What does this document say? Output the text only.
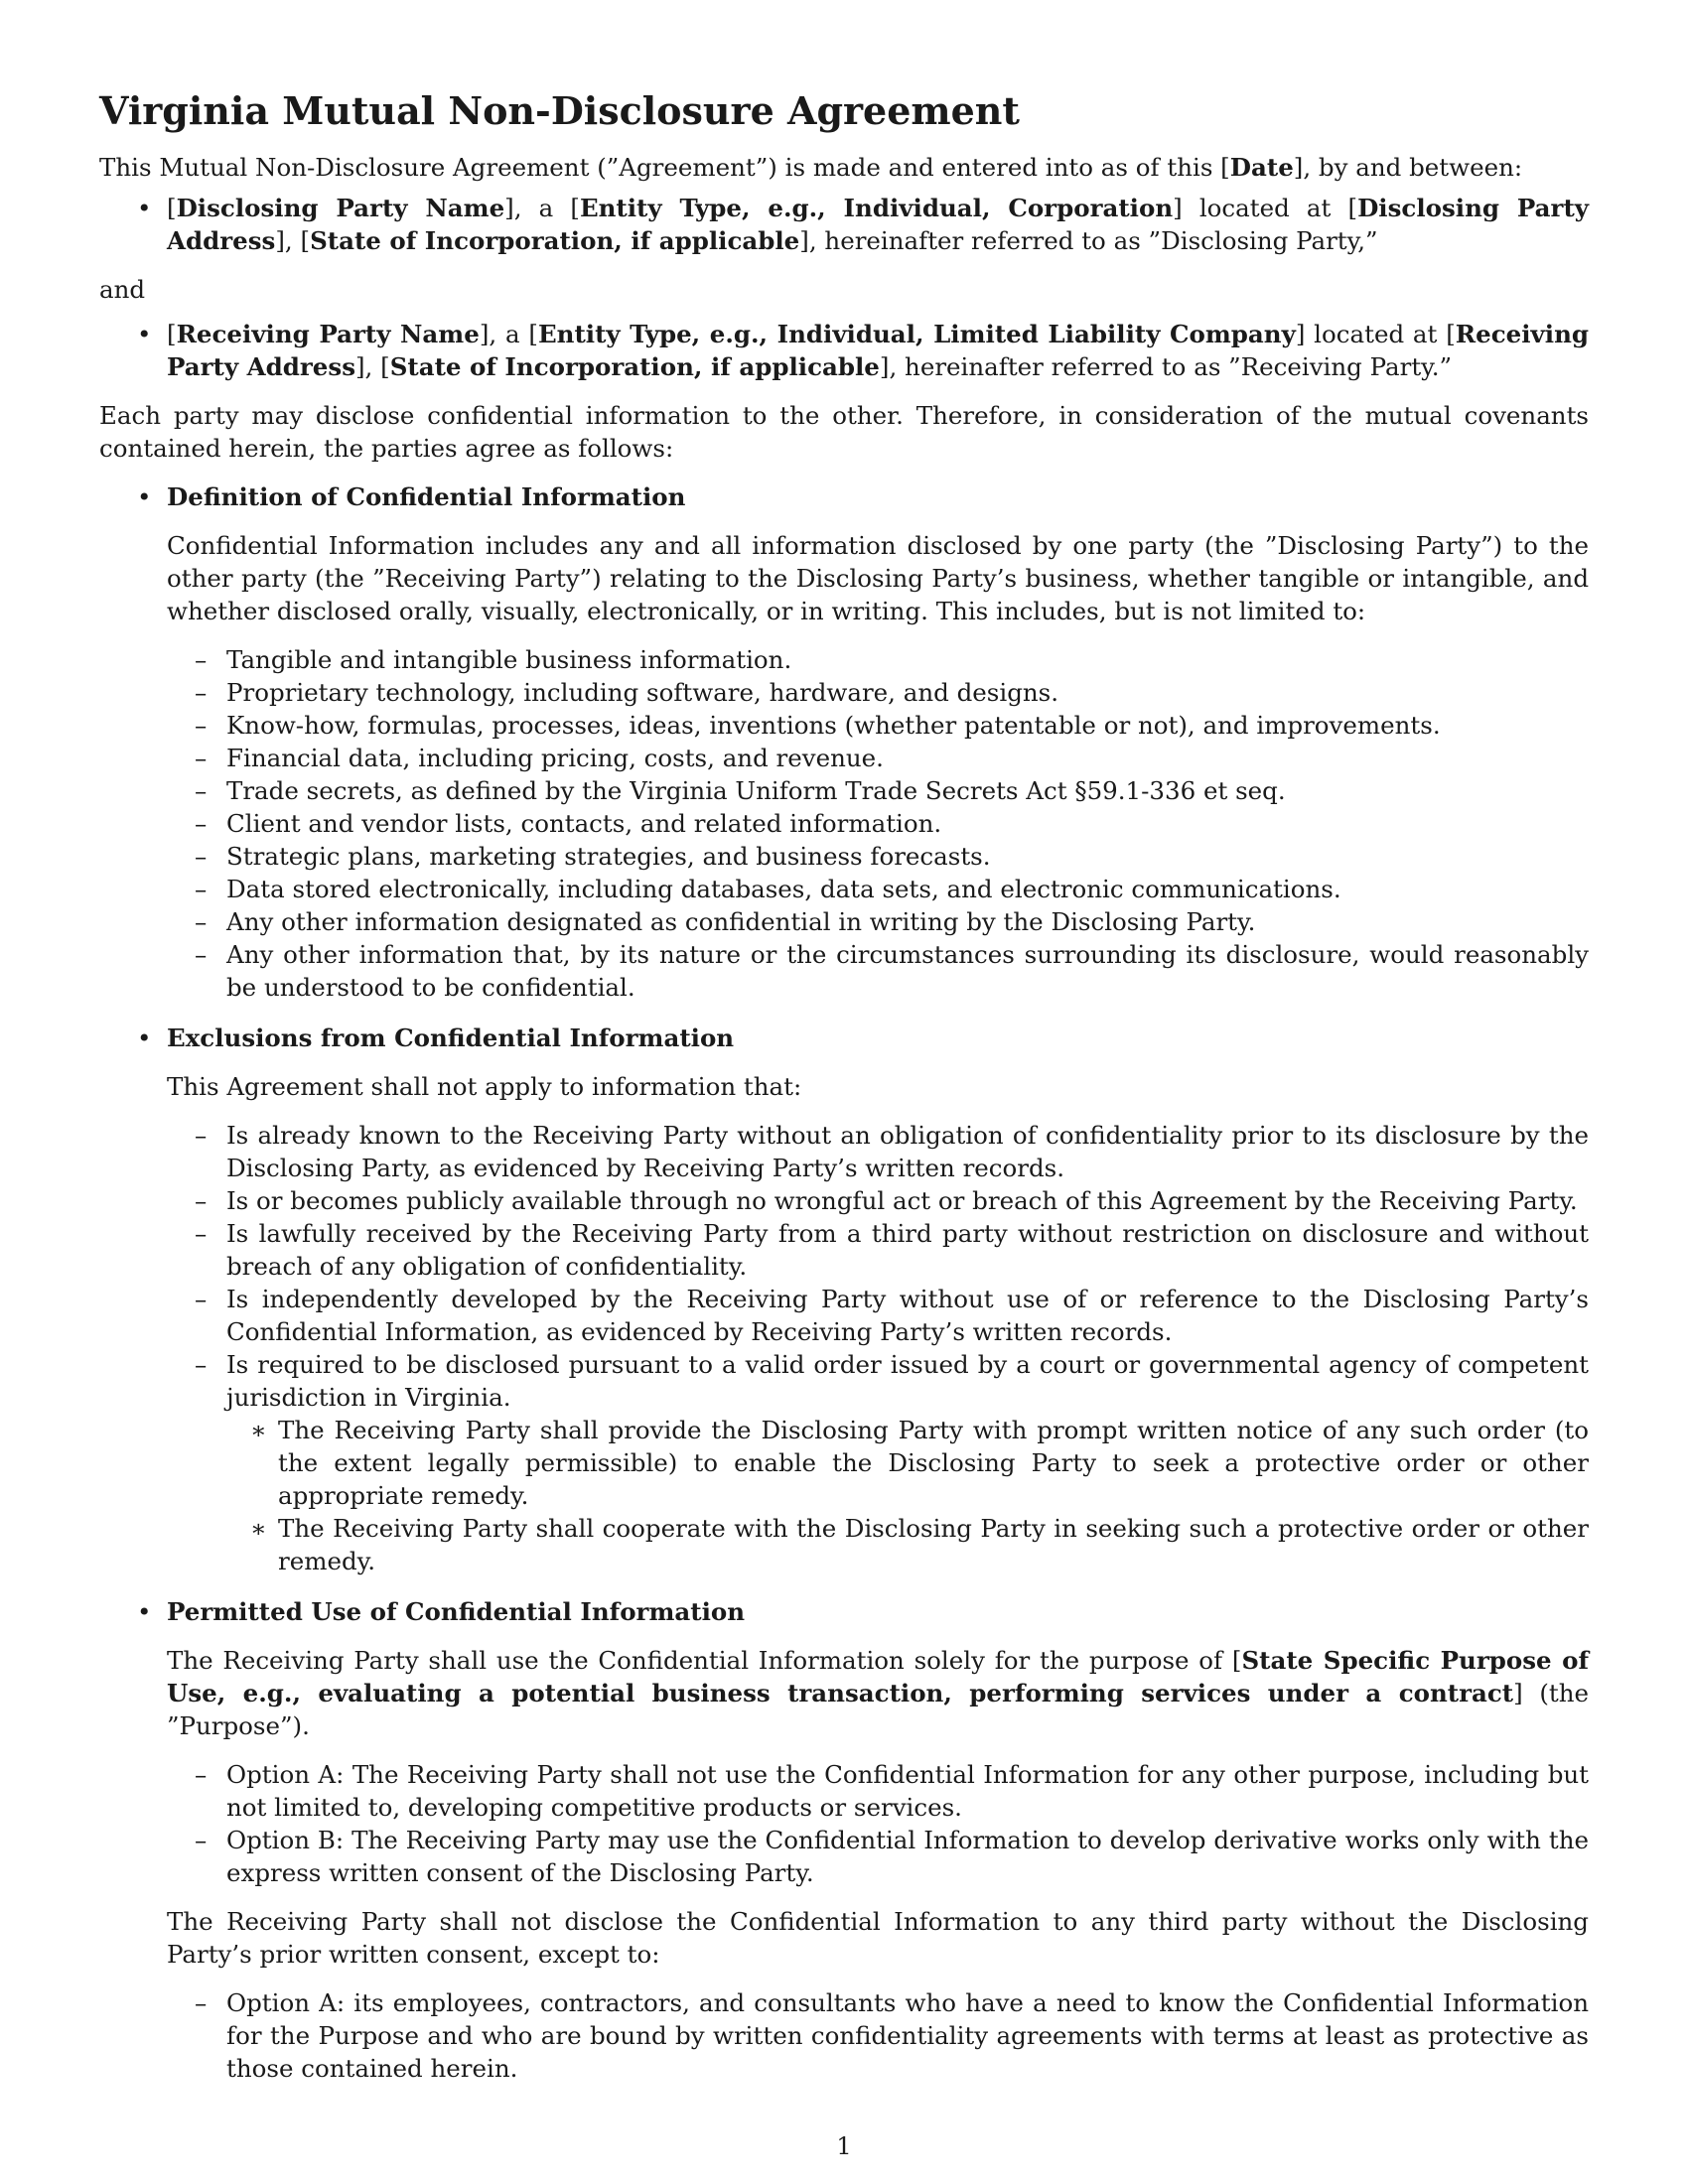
Virginia Mutual Non-Disclosure Agreement

This Mutual Non-Disclosure Agreement (”Agreement”) is made and entered into as of this [Date], by and between:

• [Disclosing Party Name], a [Entity Type, e.g., Individual, Corporation] located at [Disclosing Party Address], [State of Incorporation, if applicable], hereinafter referred to as ”Disclosing Party,”

and

• [Receiving Party Name], a [Entity Type, e.g., Individual, Limited Liability Company] located at [Receiving Party Address], [State of Incorporation, if applicable], hereinafter referred to as ”Receiving Party.”

Each party may disclose confidential information to the other. Therefore, in consideration of the mutual covenants contained herein, the parties agree as follows:

• Definition of Confidential Information

Confidential Information includes any and all information disclosed by one party (the ”Disclosing Party”) to the other party (the ”Receiving Party”) relating to the Disclosing Party’s business, whether tangible or intangible, and whether disclosed orally, visually, electronically, or in writing. This includes, but is not limited to:

– Tangible and intangible business information.
– Proprietary technology, including software, hardware, and designs.
– Know-how, formulas, processes, ideas, inventions (whether patentable or not), and improvements.
– Financial data, including pricing, costs, and revenue.
– Trade secrets, as defined by the Virginia Uniform Trade Secrets Act §59.1-336 et seq.
– Client and vendor lists, contacts, and related information.
– Strategic plans, marketing strategies, and business forecasts.
– Data stored electronically, including databases, data sets, and electronic communications.
– Any other information designated as confidential in writing by the Disclosing Party.
– Any other information that, by its nature or the circumstances surrounding its disclosure, would reasonably be understood to be confidential.
• Exclusions from Confidential Information

This Agreement shall not apply to information that:

– Is already known to the Receiving Party without an obligation of confidentiality prior to its disclosure by the Disclosing Party, as evidenced by Receiving Party’s written records.
– Is or becomes publicly available through no wrongful act or breach of this Agreement by the Receiving Party.
– Is lawfully received by the Receiving Party from a third party without restriction on disclosure and without breach of any obligation of confidentiality.
– Is independently developed by the Receiving Party without use of or reference to the Disclosing Party’s Confidential Information, as evidenced by Receiving Party’s written records.
– Is required to be disclosed pursuant to a valid order issued by a court or governmental agency of competent jurisdiction in Virginia.
∗ The Receiving Party shall provide the Disclosing Party with prompt written notice of any such order (to the extent legally permissible) to enable the Disclosing Party to seek a protective order or other appropriate remedy.
∗ The Receiving Party shall cooperate with the Disclosing Party in seeking such a protective order or other remedy.
• Permitted Use of Confidential Information

The Receiving Party shall use the Confidential Information solely for the purpose of [State Specific Purpose of Use, e.g., evaluating a potential business transaction, performing services under a contract] (the ”Purpose”).

– Option A: The Receiving Party shall not use the Confidential Information for any other purpose, including but not limited to, developing competitive products or services.
– Option B: The Receiving Party may use the Confidential Information to develop derivative works only with the express written consent of the Disclosing Party.

The Receiving Party shall not disclose the Confidential Information to any third party without the Disclosing Party’s prior written consent, except to:

– Option A: its employees, contractors, and consultants who have a need to know the Confidential Information for the Purpose and who are bound by written confidentiality agreements with terms at least as protective as those contained herein.
1
